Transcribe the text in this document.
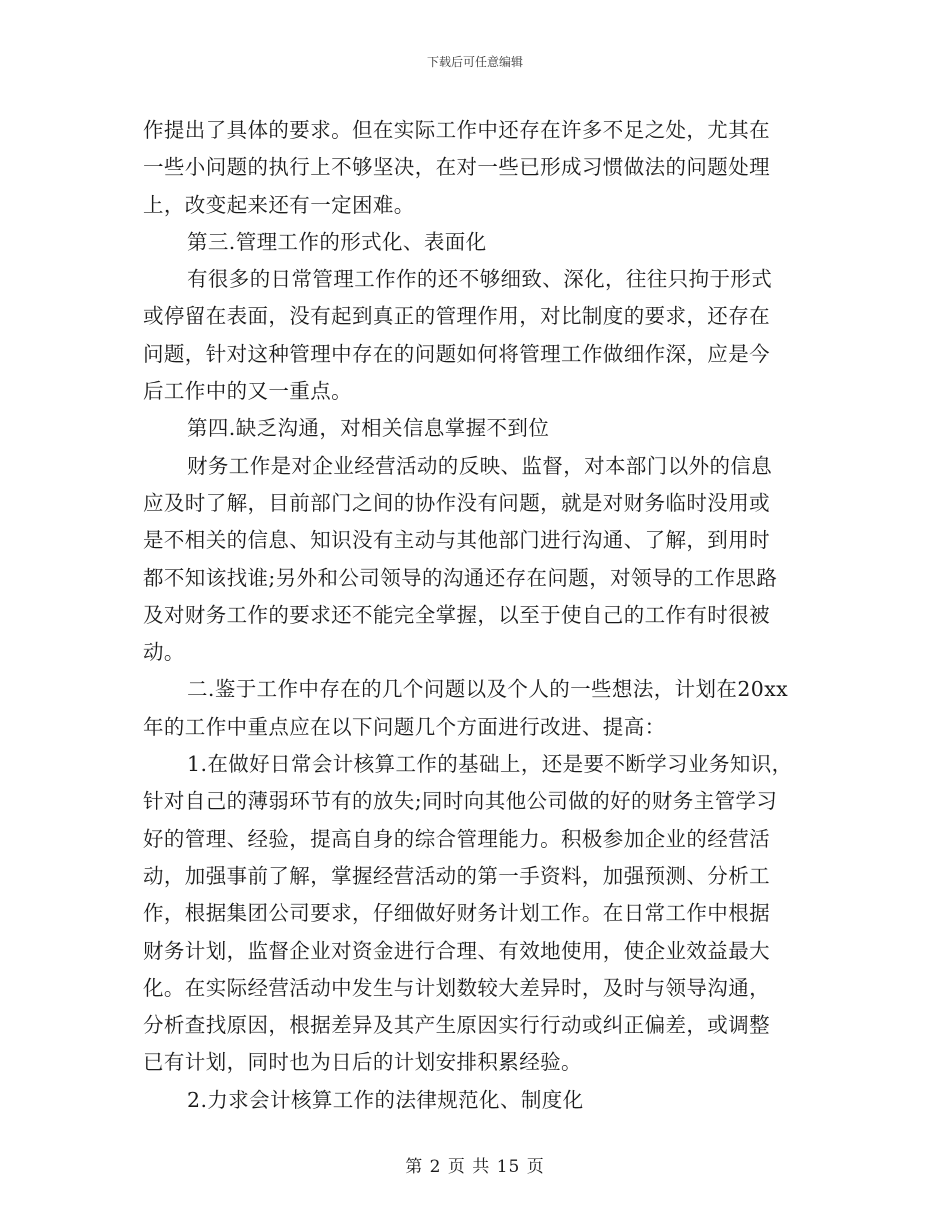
下载后可任意编辑
作提出了具体的要求。但在实际工作中还存在许多不足之处，尤其在
一些小问题的执行上不够坚决，在对一些已形成习惯做法的问题处理
上，改变起来还有一定困难。
第三.管理工作的形式化、表面化
有很多的日常管理工作作的还不够细致、深化，往往只拘于形式
或停留在表面，没有起到真正的管理作用，对比制度的要求，还存在
问题，针对这种管理中存在的问题如何将管理工作做细作深，应是今
后工作中的又一重点。
第四.缺乏沟通，对相关信息掌握不到位
财务工作是对企业经营活动的反映、监督，对本部门以外的信息
应及时了解，目前部门之间的协作没有问题，就是对财务临时没用或
是不相关的信息、知识没有主动与其他部门进行沟通、了解，到用时
都不知该找谁;另外和公司领导的沟通还存在问题，对领导的工作思路
及对财务工作的要求还不能完全掌握，以至于使自己的工作有时很被
动。
二.鉴于工作中存在的几个问题以及个人的一些想法，计划在20xx
年的工作中重点应在以下问题几个方面进行改进、提高：
1.在做好日常会计核算工作的基础上，还是要不断学习业务知识，
针对自己的薄弱环节有的放失;同时向其他公司做的好的财务主管学习
好的管理、经验，提高自身的综合管理能力。积极参加企业的经营活
动，加强事前了解，掌握经营活动的第一手资料，加强预测、分析工
作，根据集团公司要求，仔细做好财务计划工作。在日常工作中根据
财务计划，监督企业对资金进行合理、有效地使用，使企业效益最大
化。在实际经营活动中发生与计划数较大差异时，及时与领导沟通，
分析查找原因，根据差异及其产生原因实行行动或纠正偏差，或调整
已有计划，同时也为日后的计划安排积累经验。
2.力求会计核算工作的法律规范化、制度化
第 2 页 共 15 页
